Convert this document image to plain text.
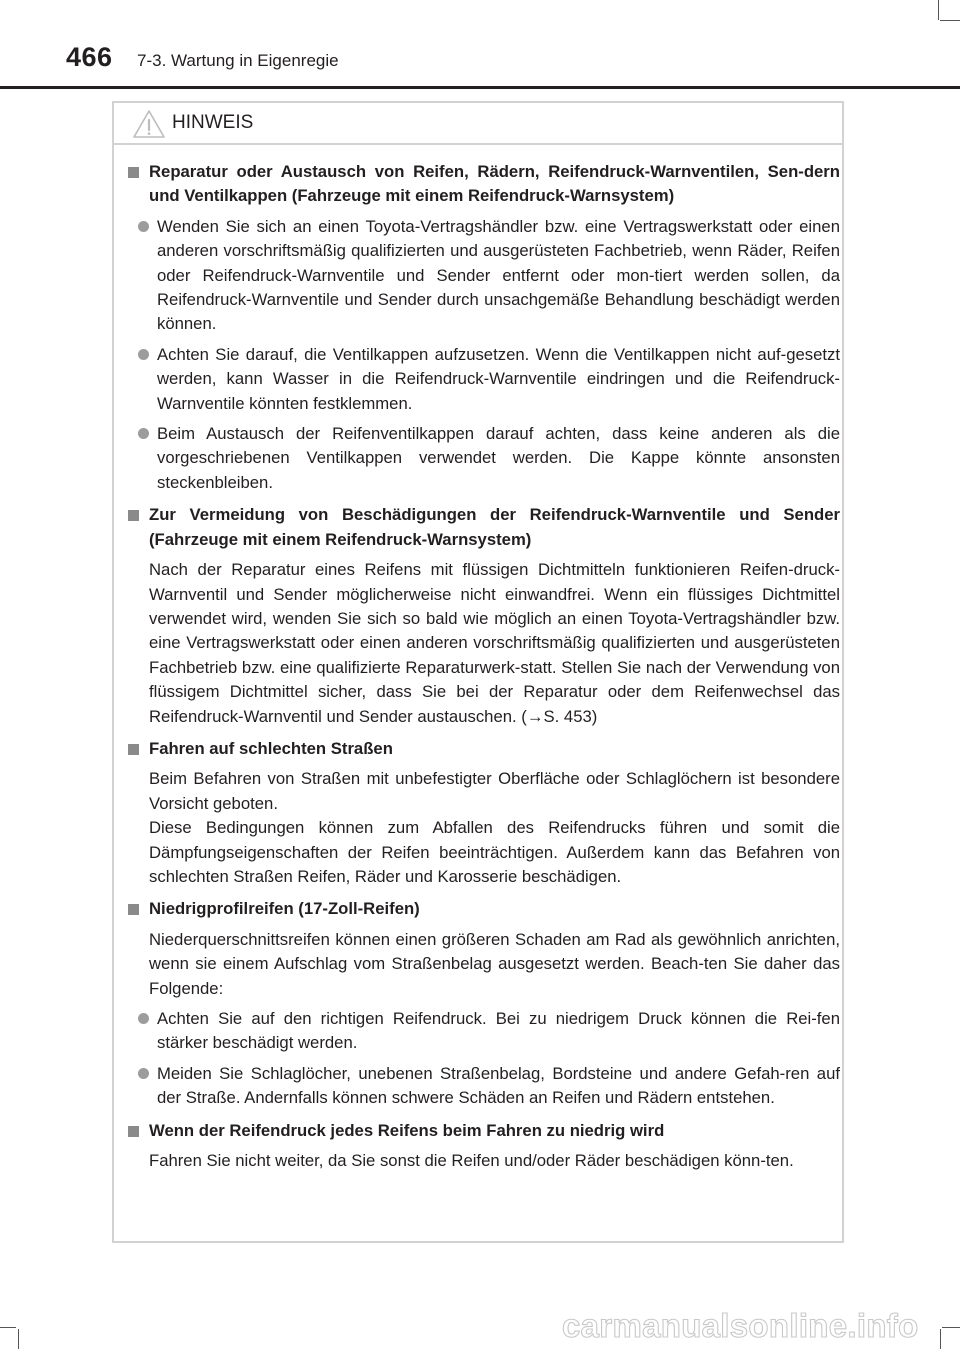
466 7-3. Wartung in Eigenregie
HINWEIS
Reparatur oder Austausch von Reifen, Rädern, Reifendruck-Warnventilen, Sen-dern und Ventilkappen (Fahrzeuge mit einem Reifendruck-Warnsystem)
Wenden Sie sich an einen Toyota-Vertragshändler bzw. eine Vertragswerkstatt oder einen anderen vorschriftsmäßig qualifizierten und ausgerüsteten Fachbetrieb, wenn Räder, Reifen oder Reifendruck-Warnventile und Sender entfernt oder mon-tiert werden sollen, da Reifendruck-Warnventile und Sender durch unsachgemäße Behandlung beschädigt werden können.
Achten Sie darauf, die Ventilkappen aufzusetzen. Wenn die Ventilkappen nicht auf-gesetzt werden, kann Wasser in die Reifendruck-Warnventile eindringen und die Reifendruck-Warnventile könnten festklemmen.
Beim Austausch der Reifenventilkappen darauf achten, dass keine anderen als die vorgeschriebenen Ventilkappen verwendet werden. Die Kappe könnte ansonsten steckenbleiben.
Zur Vermeidung von Beschädigungen der Reifendruck-Warnventile und Sender (Fahrzeuge mit einem Reifendruck-Warnsystem)
Nach der Reparatur eines Reifens mit flüssigen Dichtmitteln funktionieren Reifen-druck-Warnventil und Sender möglicherweise nicht einwandfrei. Wenn ein flüssiges Dichtmittel verwendet wird, wenden Sie sich so bald wie möglich an einen Toyota-Vertragshändler bzw. eine Vertragswerkstatt oder einen anderen vorschriftsmäßig qualifizierten und ausgerüsteten Fachbetrieb bzw. eine qualifizierte Reparaturwerk-statt. Stellen Sie nach der Verwendung von flüssigem Dichtmittel sicher, dass Sie bei der Reparatur oder dem Reifenwechsel das Reifendruck-Warnventil und Sender austauschen. (→S. 453)
Fahren auf schlechten Straßen
Beim Befahren von Straßen mit unbefestigter Oberfläche oder Schlaglöchern ist besondere Vorsicht geboten.
Diese Bedingungen können zum Abfallen des Reifendrucks führen und somit die Dämpfungseigenschaften der Reifen beeinträchtigen. Außerdem kann das Befahren von schlechten Straßen Reifen, Räder und Karosserie beschädigen.
Niedrigprofilreifen (17-Zoll-Reifen)
Niederquerschnittsreifen können einen größeren Schaden am Rad als gewöhnlich anrichten, wenn sie einem Aufschlag vom Straßenbelag ausgesetzt werden. Beach-ten Sie daher das Folgende:
Achten Sie auf den richtigen Reifendruck. Bei zu niedrigem Druck können die Rei-fen stärker beschädigt werden.
Meiden Sie Schlaglöcher, unebenen Straßenbelag, Bordsteine und andere Gefah-ren auf der Straße. Andernfalls können schwere Schäden an Reifen und Rädern entstehen.
Wenn der Reifendruck jedes Reifens beim Fahren zu niedrig wird
Fahren Sie nicht weiter, da Sie sonst die Reifen und/oder Räder beschädigen könn-ten.
carmanualsonline.info
